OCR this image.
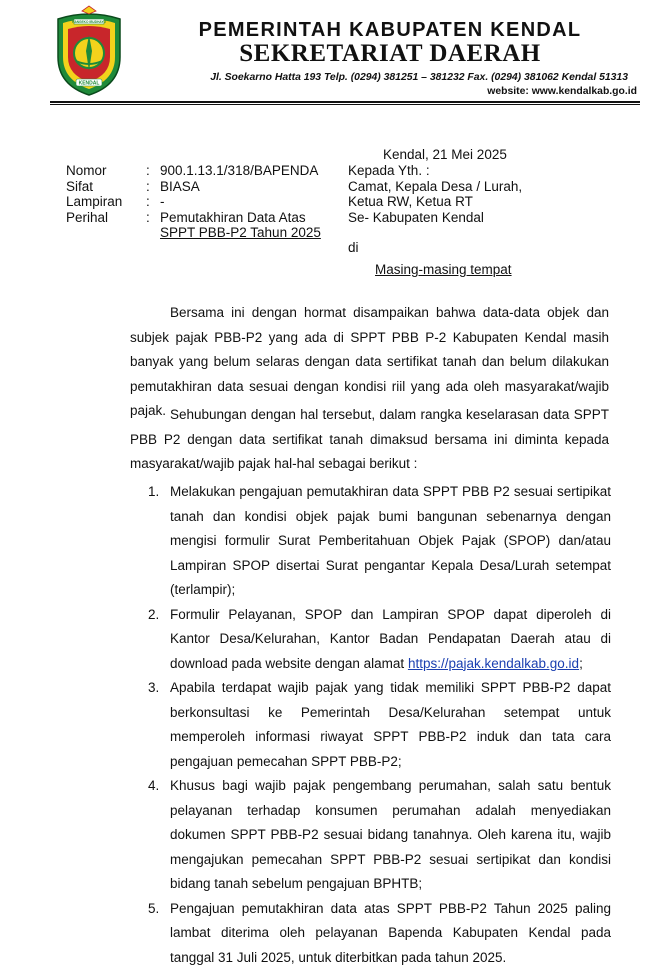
HANGEKO IBUDHAYU
KENDAL
PEMERINTAH KABUPATEN KENDAL
SEKRETARIAT DAERAH
Jl. Soekarno Hatta 193 Telp. (0294) 381251 – 381232 Fax. (0294) 381062 Kendal 51313
website: www.kendalkab.go.id
Kendal, 21 Mei 2025
Nomor	: 900.1.13.1/318/BAPENDA
Sifat	: BIASA
Lampiran	: -
Perihal	: Pemutakhiran Data Atas
SPPT PBB-P2 Tahun 2025
Kepada Yth. :
Camat, Kepala Desa / Lurah,
Ketua RW, Ketua RT
Se- Kabupaten Kendal
di
Masing-masing tempat

Bersama ini dengan hormat disampaikan bahwa data-data objek dan subjek pajak PBB-P2 yang ada di SPPT PBB P-2 Kabupaten Kendal masih banyak yang belum selaras dengan data sertifikat tanah dan belum dilakukan pemutakhiran data sesuai dengan kondisi riil yang ada oleh masyarakat/wajib pajak. Sehubungan dengan hal tersebut, dalam rangka keselarasan data SPPT PBB P2 dengan data sertifikat tanah dimaksud bersama ini diminta kepada masyarakat/wajib pajak hal-hal sebagai berikut :

1. Melakukan pengajuan pemutakhiran data SPPT PBB P2 sesuai sertipikat tanah dan kondisi objek pajak bumi bangunan sebenarnya dengan mengisi formulir Surat Pemberitahuan Objek Pajak (SPOP) dan/atau Lampiran SPOP disertai Surat pengantar Kepala Desa/Lurah setempat (terlampir);
2. Formulir Pelayanan, SPOP dan Lampiran SPOP dapat diperoleh di Kantor Desa/Kelurahan, Kantor Badan Pendapatan Daerah atau di download pada website dengan alamat https://pajak.kendalkab.go.id;
3. Apabila terdapat wajib pajak yang tidak memiliki SPPT PBB-P2 dapat berkonsultasi ke Pemerintah Desa/Kelurahan setempat untuk memperoleh informasi riwayat SPPT PBB-P2 induk dan tata cara pengajuan pemecahan SPPT PBB-P2;
4. Khusus bagi wajib pajak pengembang perumahan, salah satu bentuk pelayanan terhadap konsumen perumahan adalah menyediakan dokumen SPPT PBB-P2 sesuai bidang tanahnya. Oleh karena itu, wajib mengajukan pemecahan SPPT PBB-P2 sesuai sertipikat dan kondisi bidang tanah sebelum pengajuan BPHTB;
5. Pengajuan pemutakhiran data atas SPPT PBB-P2 Tahun 2025 paling lambat diterima oleh pelayanan Bapenda Kabupaten Kendal pada tanggal 31 Juli 2025, untuk diterbitkan pada tahun 2025.
